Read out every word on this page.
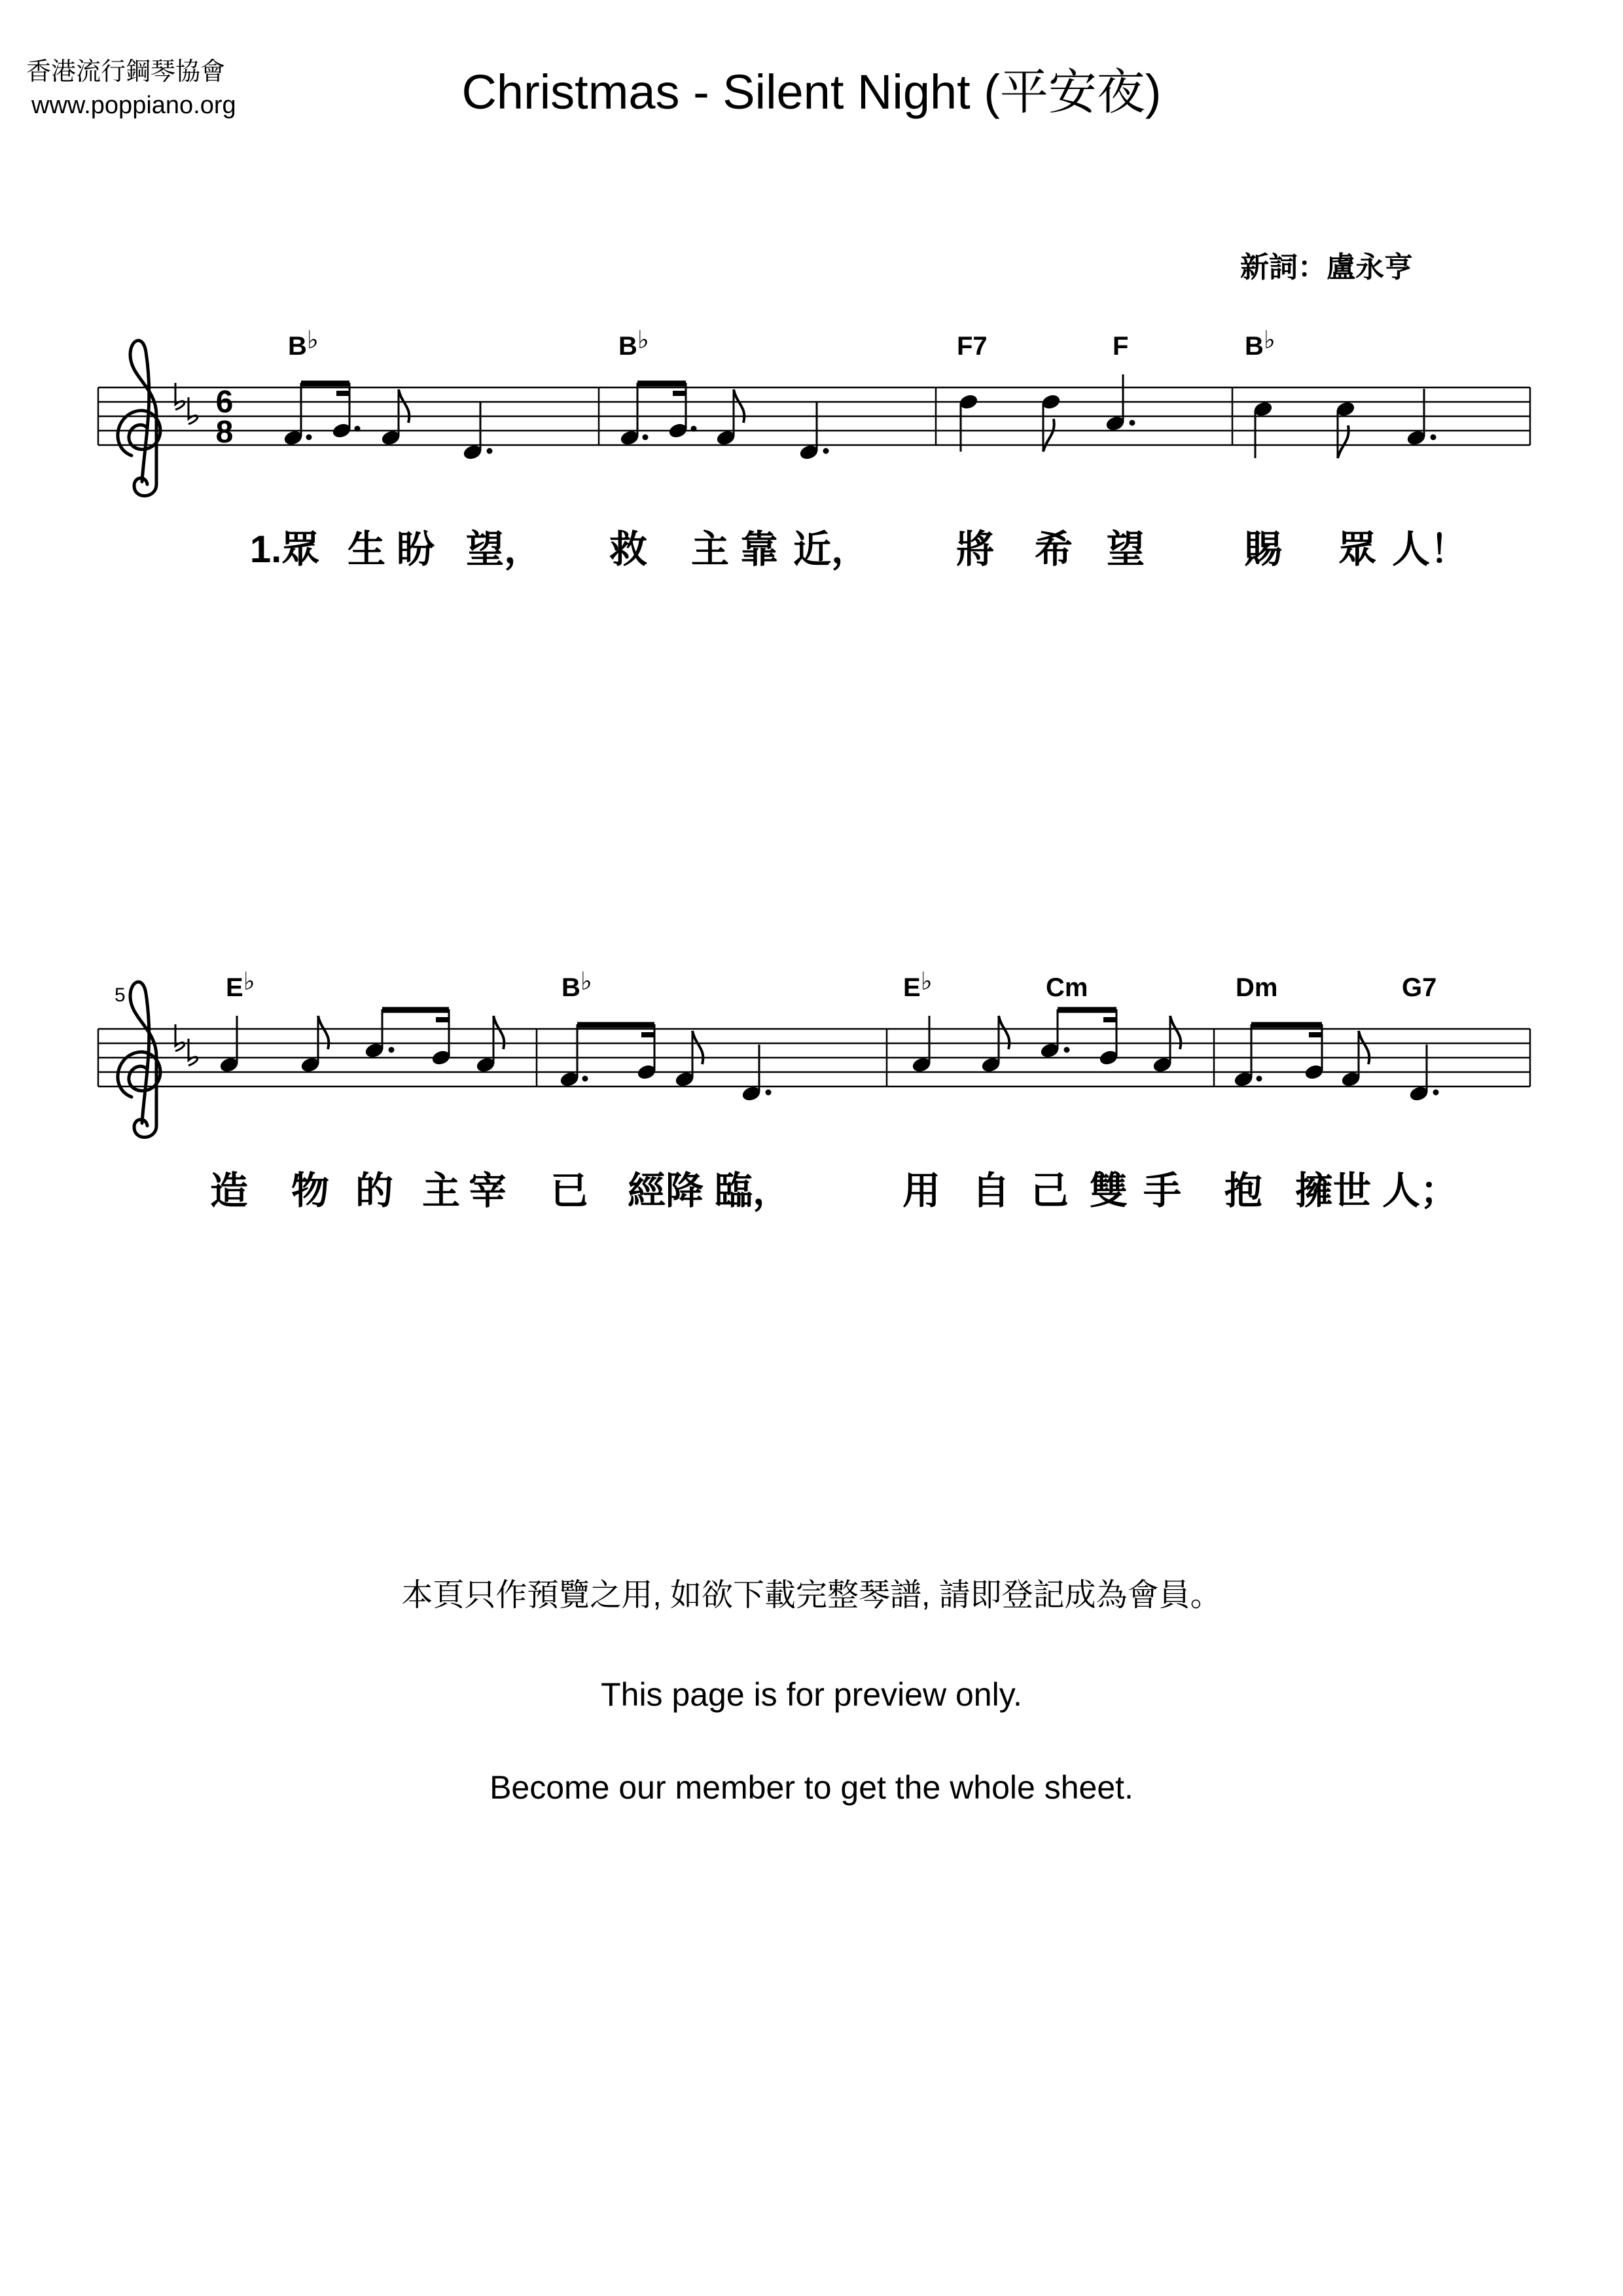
香港流行鋼琴協會
www.poppiano.org	Christmas - Silent Night (平安夜)
新詞：盧永亨
6
8
B♭	B♭	F7	F	B♭
5	E♭	B♭	E♭	Cm	Dm	G7
1.眾 生 盼 望， 救 主 靠 近， 將 希 望	賜 眾 人！
造 物 的 主 宰 已 經 降 臨，	用 自 己 雙 手 抱 擁 世 人；
本頁只作預覽之用, 如欲下載完整琴譜, 請即登記成為會員。
This page is for preview only.
Become our member to get the whole sheet.
